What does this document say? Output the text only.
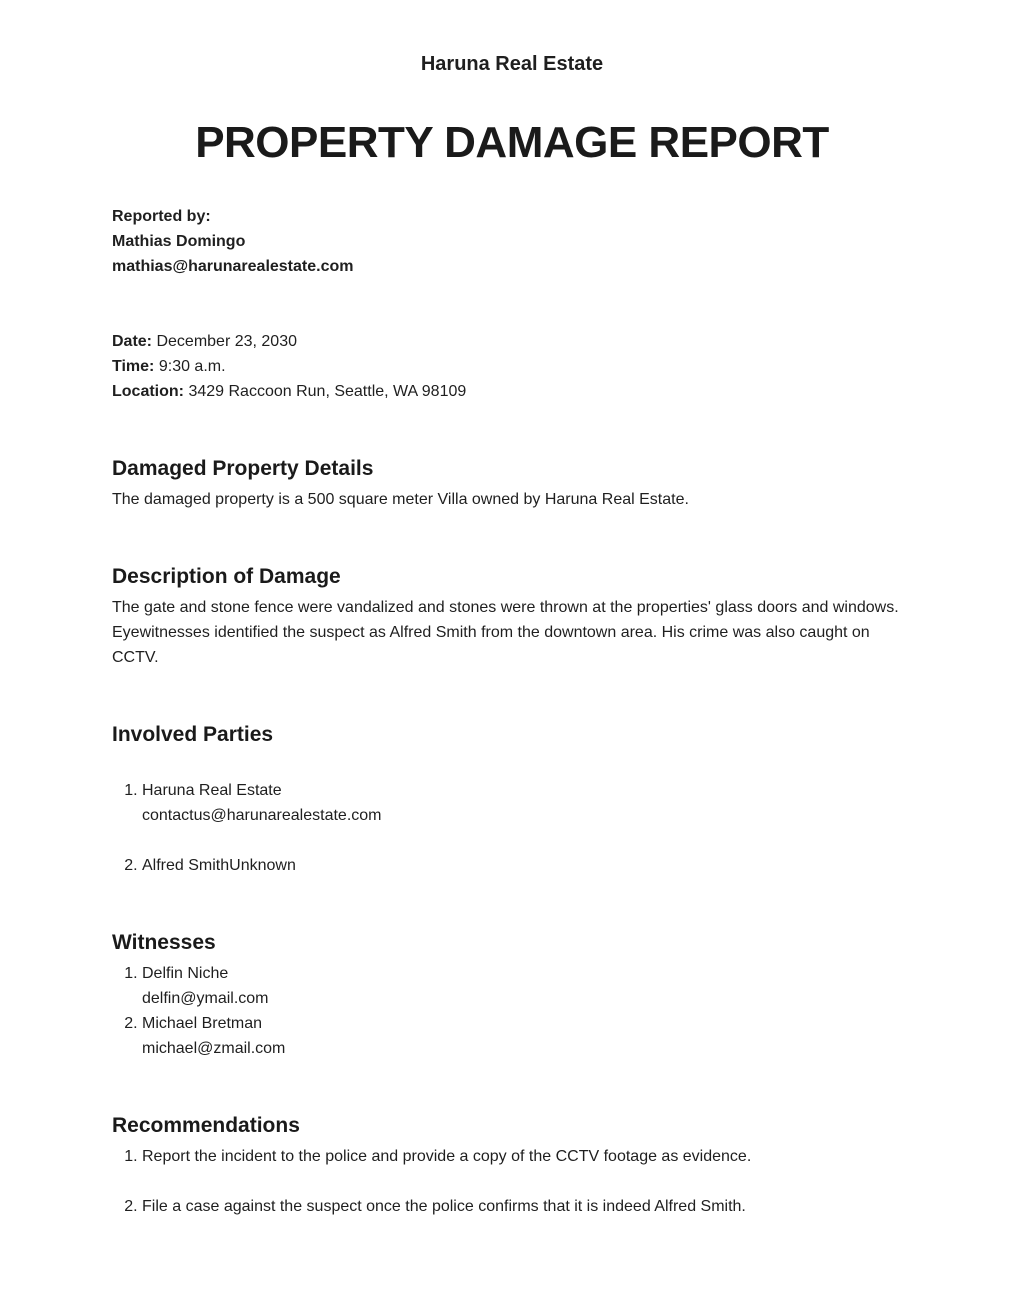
Haruna Real Estate
PROPERTY DAMAGE REPORT
Reported by:
Mathias Domingo
mathias@harunarealestate.com
Date: December 23, 2030
Time: 9:30 a.m.
Location: 3429 Raccoon Run, Seattle, WA 98109
Damaged Property Details

The damaged property is a 500 square meter Villa owned by Haruna Real Estate.

Description of Damage

The gate and stone fence were vandalized and stones were thrown at the properties' glass doors and windows. Eyewitnesses identified the suspect as Alfred Smith from the downtown area. His crime was also caught on CCTV.

Involved Parties
1. Haruna Real Estate
contactus@harunarealestate.com
2. Alfred SmithUnknown
Witnesses
1. Delfin Niche
delfin@ymail.com
2. Michael Bretman
michael@zmail.com
Recommendations
1. Report the incident to the police and provide a copy of the CCTV footage as evidence.
2. File a case against the suspect once the police confirms that it is indeed Alfred Smith.
